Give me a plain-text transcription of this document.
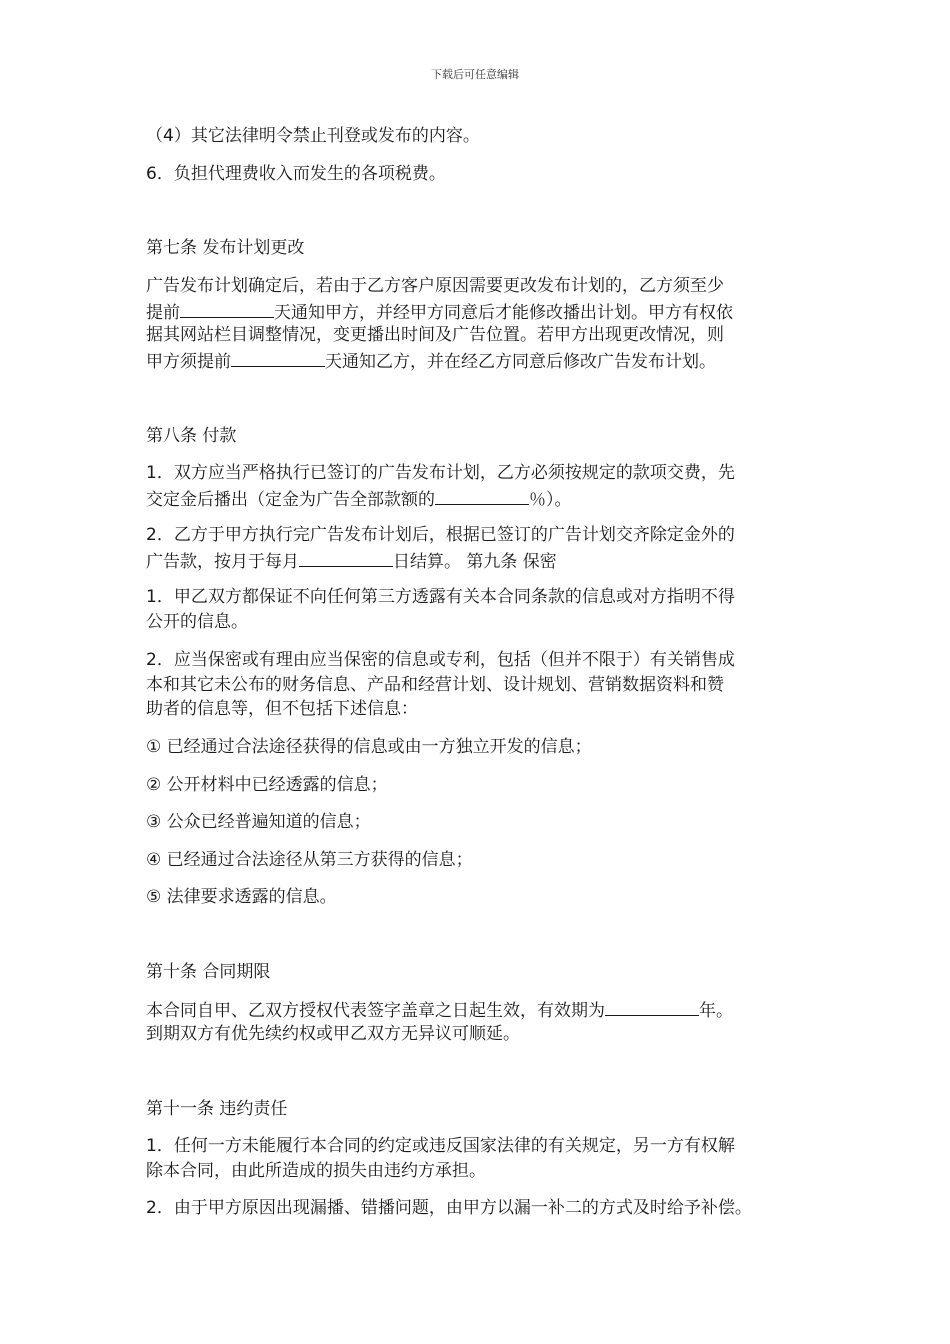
下载后可任意编辑
（4）其它法律明令禁止刊登或发布的内容。
6．负担代理费收入而发生的各项税费。
第七条 发布计划更改
广告发布计划确定后，若由于乙方客户原因需要更改发布计划的，乙方须至少
提前	天通知甲方，并经甲方同意后才能修改播出计划。甲方有权依
据其网站栏目调整情况，变更播出时间及广告位置。若甲方出现更改情况，则
甲方须提前	天通知乙方，并在经乙方同意后修改广告发布计划。
第八条 付款
1．双方应当严格执行已签订的广告发布计划，乙方必须按规定的款项交费，先
交定金后播出（定金为广告全部款额的	％）。
2．乙方于甲方执行完广告发布计划后，根据已签订的广告计划交齐除定金外的
广告款，按月于每月	日结算。 第九条 保密
1．甲乙双方都保证不向任何第三方透露有关本合同条款的信息或对方指明不得
公开的信息。
2．应当保密或有理由应当保密的信息或专利，包括（但并不限于）有关销售成
本和其它未公布的财务信息、产品和经营计划、设计规划、营销数据资料和赞
助者的信息等，但不包括下述信息：
① 已经通过合法途径获得的信息或由一方独立开发的信息；
② 公开材料中已经透露的信息；
③ 公众已经普遍知道的信息；
④ 已经通过合法途径从第三方获得的信息；
⑤ 法律要求透露的信息。
第十条 合同期限
本合同自甲、乙双方授权代表签字盖章之日起生效，有效期为	年。
到期双方有优先续约权或甲乙双方无异议可顺延。
第十一条 违约责任
1．任何一方未能履行本合同的约定或违反国家法律的有关规定，另一方有权解
除本合同，由此所造成的损失由违约方承担。
2．由于甲方原因出现漏播、错播问题，由甲方以漏一补二的方式及时给予补偿。
